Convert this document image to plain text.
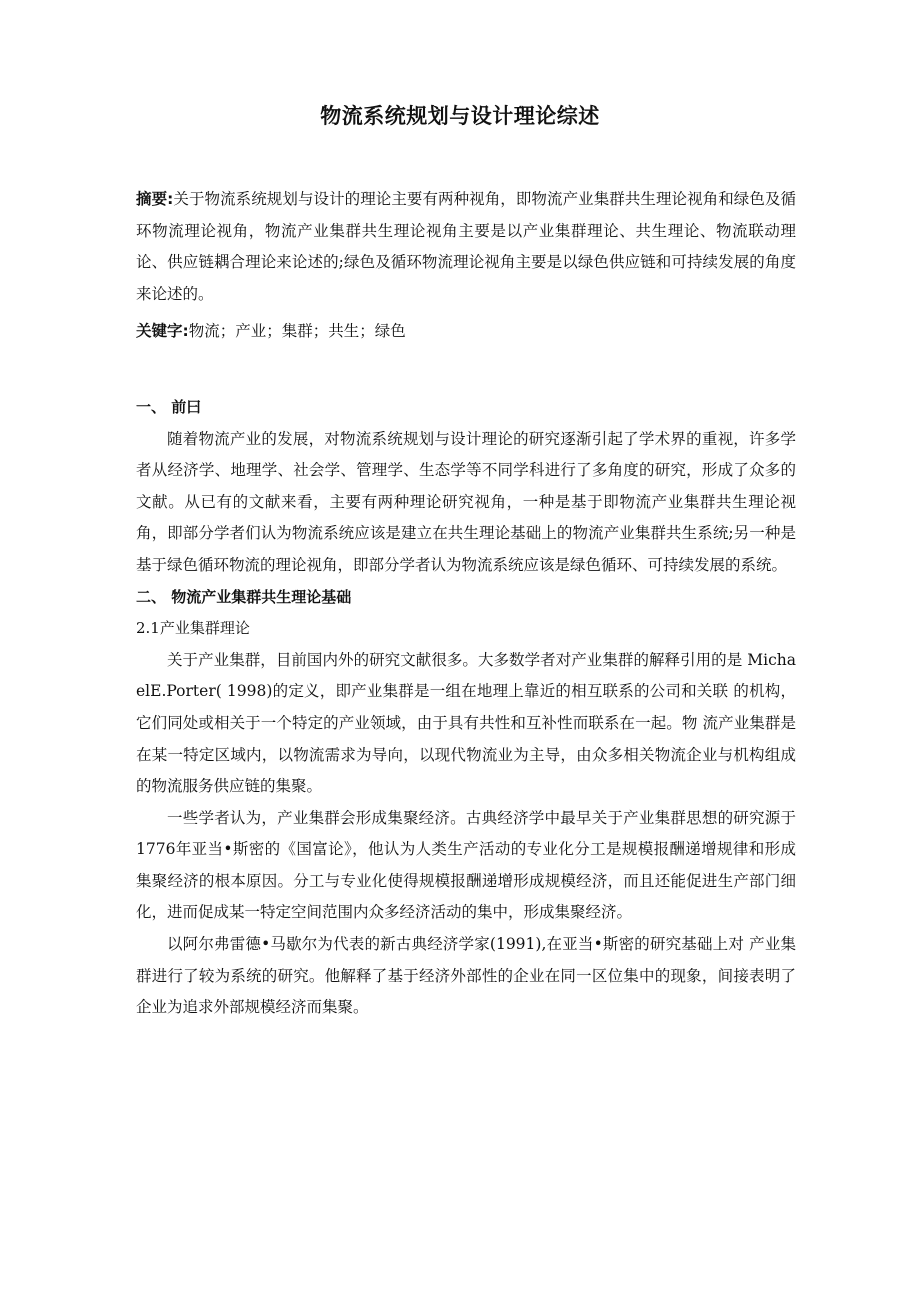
物流系统规划与设计理论综述

摘要:关于物流系统规划与设计的理论主要有两种视角，即物流产业集群共生理论视角和绿色及循环物流理论视角，物流产业集群共生理论视角主要是以产业集群理论、共生理论、物流联动理论、供应链耦合理论来论述的;绿色及循环物流理论视角主要是以绿色供应链和可持续发展的角度来论述的。

关键字:物流；产业；集群；共生；绿色

一、 前曰

随着物流产业的发展，对物流系统规划与设计理论的研究逐渐引起了学术界的重视，许多学者从经济学、地理学、社会学、管理学、生态学等不同学科进行了多角度的研究，形成了众多的文献。从已有的文献来看，主要有两种理论研究视角，一种是基于即物流产业集群共生理论视角，即部分学者们认为物流系统应该是建立在共生理论基础上的物流产业集群共生系统;另一种是基于绿色循环物流的理论视角，即部分学者认为物流系统应该是绿色循环、可持续发展的系统。

二、 物流产业集群共生理论基础

2.1产业集群理论

关于产业集群，目前国内外的研究文献很多。大多数学者对产业集群的解释引用的是 MichaelE.Porter( 1998)的定义，即产业集群是一组在地理上靠近的相互联系的公司和关联 的机构，它们同处或相关于一个特定的产业领域，由于具有共性和互补性而联系在一起。物 流产业集群是在某一特定区域内，以物流需求为导向，以现代物流业为主导，由众多相关物流企业与机构组成的物流服务供应链的集聚。

一些学者认为，产业集群会形成集聚经济。古典经济学中最早关于产业集群思想的研究源于1776年亚当•斯密的《国富论》，他认为人类生产活动的专业化分工是规模报酬递增规律和形成集聚经济的根本原因。分工与专业化使得规模报酬递增形成规模经济，而且还能促进生产部门细化，进而促成某一特定空间范围内众多经济活动的集中，形成集聚经济。

以阿尔弗雷德•马歇尔为代表的新古典经济学家(1991),在亚当•斯密的研究基础上对 产业集群进行了较为系统的研究。他解释了基于经济外部性的企业在同一区位集中的现象，间接表明了企业为追求外部规模经济而集聚。
